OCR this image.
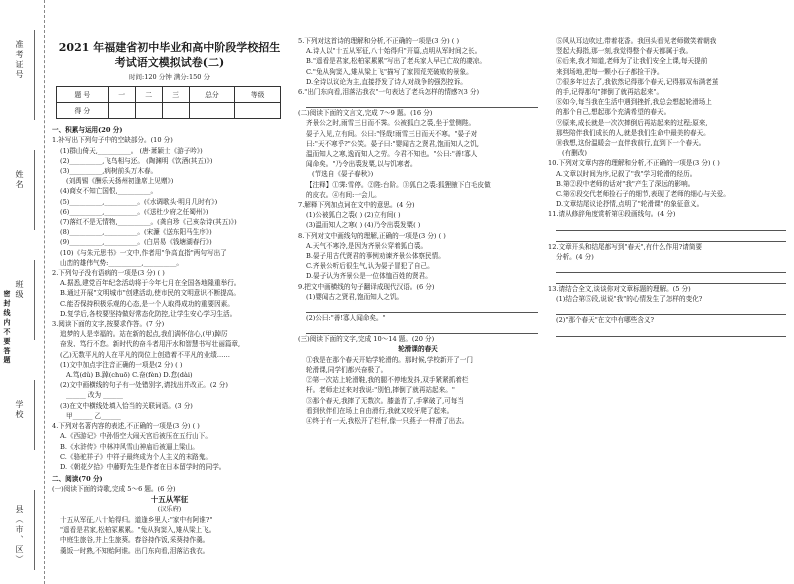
准考证号
姓名
班级
密 封 线 内 不 要 答 题
学校
县（市、区）
2021 年福建省初中毕业和高中阶段学校招生
考试语文模拟试卷(二)
时间:120 分钟 满分:150 分
题 号	一	二	三	总分	等级
得 分					
一、积累与运用(20 分)
1.补写出下列句子中的空缺部分。(10 分)
(1)群山倚天,__________。 (唐·萧颖士《游子吟》)
(2)__________,飞鸟相与还。 (陶渊明《饮酒(其五)》)
(3)__________,病树前头万木春。
(刘禹锡《酬乐天扬州初逢席上见赠》)
(4)商女不知亡国恨,__________。
(5)__________,__________。(《水调歌头·明月几时有》)
(6)__________,__________。(《送杜少府之任蜀州》)
(7)落红不是无情物,__________。(龚自珍《己亥杂诗(其五)》)
(8)__________,__________。(宋濂《送东阳马生序》)
(9)__________,__________。(白居易《钱塘湖春行》)
(10)《与朱元思书》一文中,作者用"争高直指"两句写出了
山峦的雄伟气势:__________,__________。
2.下列句子没有语病的一项是(3 分) ( )
A.据悉,建党百年纪念活动将于今年七月在全国各地隆重举行。
B.通过开展"文明城市"创建活动,使市民的文明意识不断提高。
C.能否保持积极乐观的心态,是一个人取得成功的重要因素。
D.复学后,各校要坚持做好常态化防控,让学生安心学习生活。
3.阅读下面的文字,按要求作答。(7 分)
追梦的人是幸福的。站在新的起点,我们满怀信心,(甲)踔厉
奋发、笃行不怠。新时代的奋斗者用汗水和智慧书写壮丽篇章,
(乙)无数平凡的人在平凡的岗位上创造着不平凡的业绩……
(1)文中加点字注音正确的一项是(2 分) ( )
A.笃(dǔ) B.踔(chuō) C.奋(fèn) D.怠(dài)
(2)文中画横线的句子有一处错别字,请找出并改正。(2 分)
______ 改为 ______
(3)在文中横线处填入恰当的关联词语。(3 分)
甲______ 乙______
4.下列对名著内容的表述,不正确的一项是(3 分) ( )
A.《西游记》中孙悟空大闹天宫后被压在五行山下。
B.《水浒传》中林冲风雪山神庙后被逼上梁山。
C.《骆驼祥子》中祥子最终成为个人主义的末路鬼。
D.《朝花夕拾》中藤野先生是作者在日本留学时的同学。
二、阅读(70 分)
(一)阅读下面的诗歌,完成 5～6 题。(6 分)
十五从军征
(汉乐府)
十五从军征,八十始得归。道逢乡里人:"家中有阿谁?"
"遥看是君家,松柏冢累累。"兔从狗窦入,雉从梁上飞。
中庭生旅谷,井上生旅葵。舂谷持作饭,采葵持作羹。
羹饭一时熟,不知贻阿谁。出门东向看,泪落沾我衣。
5.下列对这首诗的理解和分析,不正确的一项是(3 分) ( )
A.诗人以"十五从军征,八十始得归"开篇,点明从军时间之长。
B."遥看是君家,松柏冢累累"写出了老兵家人早已亡故的凄凉。
C."兔从狗窦入,雉从梁上飞"描写了家园荒芜破败的景象。
D.全诗以议论为主,直接抒发了诗人对战争的强烈控诉。
6."出门东向看,泪落沾我衣"一句表达了老兵怎样的情感?(3 分)
(二)阅读下面的文言文,完成 7～9 题。(16 分)
齐景公之时,雨雪三日而不霁。公被狐白之裘,坐于堂侧陛。
晏子入见,立有间。公曰:"怪哉!雨雪三日而天不寒。"晏子对
曰:"天不寒乎?"公笑。晏子曰:"婴闻古之贤君,饱而知人之饥,
温而知人之寒,逸而知人之劳。今君不知也。"公曰:"善!寡人
闻命矣。"乃令出裘发粟,以与饥寒者。
(节选自《晏子春秋》)
【注释】①霁:雪停。②陛:台阶。③狐白之裘:狐狸腋下白毛皮做
的皮衣。④有间:一会儿。
7.解释下列加点词在文中的意思。(4 分)
(1)公被狐白之裘( ) (2)立有间( )
(3)温而知人之寒( ) (4)乃令出裘发粟( )
8.下列对文中画线句的理解,正确的一项是(3 分) ( )
A.天气不寒冷,是因为齐景公穿着狐白裘。
B.晏子用古代贤君的事例劝谏齐景公体察民情。
C.齐景公听后很生气,认为晏子冒犯了自己。
D.晏子认为齐景公是一位体恤百姓的贤君。
9.把文中画横线的句子翻译成现代汉语。(6 分)
(1)婴闻古之贤君,饱而知人之饥。
(2)公曰:"善!寡人闻命矣。"
(三)阅读下面的文字,完成 10～14 题。(20 分)
轮滑课的春天
①我是在那个春天开始学轮滑的。那时候,学校新开了一门
轮滑课,同学们都兴奋极了。
②第一次站上轮滑鞋,我的腿不停地发抖,双手紧紧抓着栏
杆。老师走过来对我说:"别怕,摔倒了就再站起来。"
③那个春天,我摔了无数次。膝盖青了,手掌破了,可每当
看到伙伴们在场上自由滑行,我就又咬牙爬了起来。
④终于有一天,我松开了栏杆,像一只燕子一样滑了出去。
⑤风从耳边吹过,带着花香。我回头看见老师微笑着朝我
竖起大拇指,那一刻,我觉得整个春天都属于我。
⑥后来,我才知道,老师为了让我们安全上课,每天提前
来到场地,把每一颗小石子都捡干净。
⑦很多年过去了,我依然记得那个春天,记得那双布满老茧
的手,记得那句"摔倒了就再站起来"。
⑧如今,每当我在生活中遇到挫折,我总会想起轮滑场上
的那个自己,想起那个充满希望的春天。
⑨原来,成长就是一次次摔倒后再站起来的过程;原来,
那些陪伴我们成长的人,就是我们生命中最美的春天。
⑩我想,这份温暖会一直伴我前行,直到下一个春天。
(有删改)
10.下列对文章内容的理解和分析,不正确的一项是(3 分) ( )
A.文章以时间为序,记叙了"我"学习轮滑的经历。
B.第②段中老师的话对"我"产生了深远的影响。
C.第⑥段交代老师捡石子的细节,表现了老师的细心与关爱。
D.文章结尾议论抒情,点明了"轮滑课"的象征意义。
11.请从修辞角度赏析第④段画线句。(4 分)
12.文章开头和结尾都写到"春天",有什么作用?请简要
分析。(4 分)
13.请结合全文,谈谈你对文章标题的理解。(5 分)
(1)结合第⑤段,说说"我"的心情发生了怎样的变化?
(2)"那个春天"在文中有哪些含义?
